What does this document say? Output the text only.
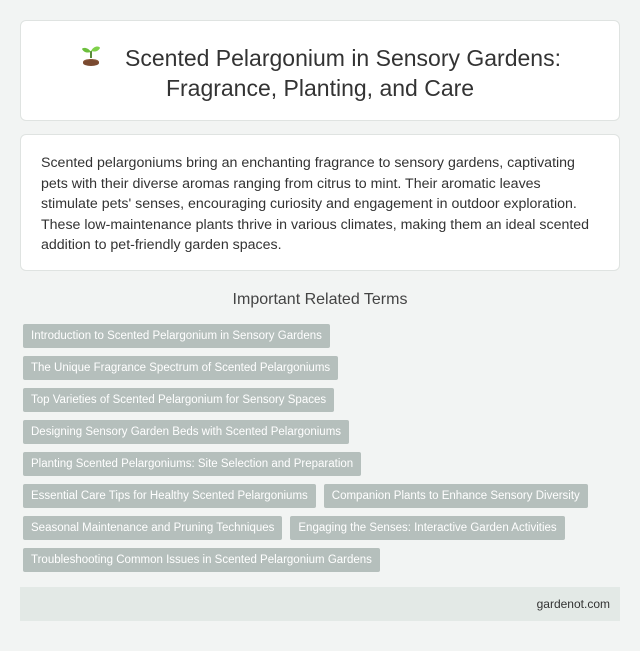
Scented Pelargonium in Sensory Gardens:
Fragrance, Planting, and Care

Scented pelargoniums bring an enchanting fragrance to sensory gardens, captivating pets with their diverse aromas ranging from citrus to mint. Their aromatic leaves stimulate pets' senses, encouraging curiosity and engagement in outdoor exploration. These low-maintenance plants thrive in various climates, making them an ideal scented addition to pet-friendly garden spaces.

Important Related Terms
Introduction to Scented Pelargonium in Sensory Gardens
The Unique Fragrance Spectrum of Scented Pelargoniums
Top Varieties of Scented Pelargonium for Sensory Spaces
Designing Sensory Garden Beds with Scented Pelargoniums
Planting Scented Pelargoniums: Site Selection and Preparation
Essential Care Tips for Healthy Scented Pelargoniums Companion Plants to Enhance Sensory Diversity
Seasonal Maintenance and Pruning Techniques Engaging the Senses: Interactive Garden Activities
Troubleshooting Common Issues in Scented Pelargonium Gardens
gardenot.com
